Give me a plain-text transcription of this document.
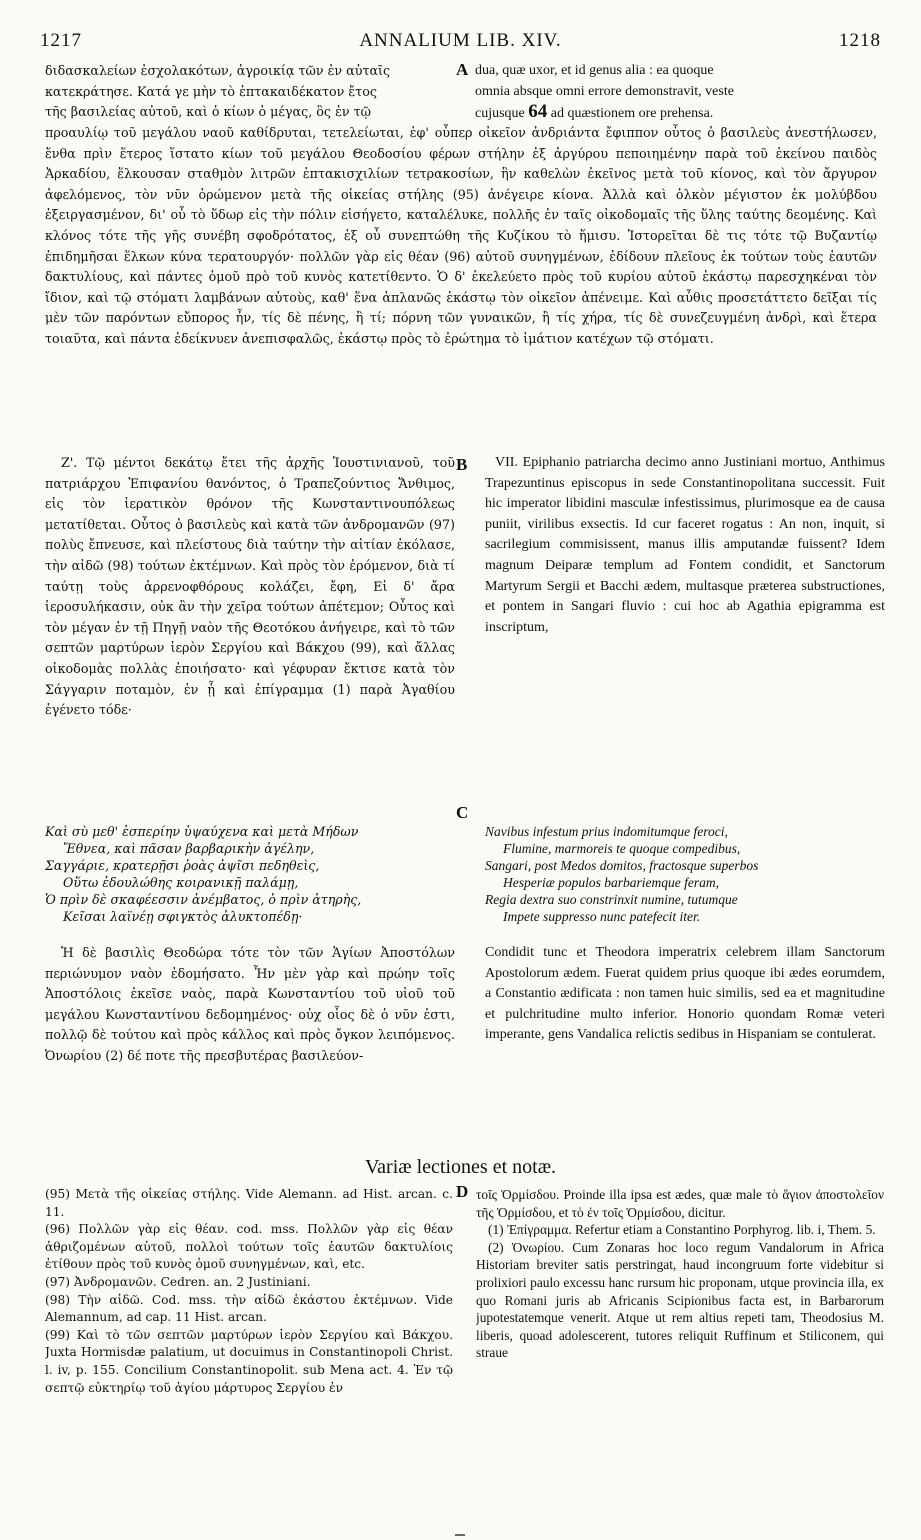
1217	ANNALIUM LIB. XIV.	1218

διδασκαλείων ἐσχολακότων, ἀγροικίᾳ τῶν ἐν αὐταῖς

κατεκράτησε. Κατά γε μὴν τὸ ἑπτακαιδέκατον ἔτος

τῆς βασιλείας αὐτοῦ, καὶ ὁ κίων ὁ μέγας, ὃς ἐν τῷ

A dua, quæ uxor, et id genus alia : ea quoque

omnia absque omni errore demonstravit, veste

cujusque 64 ad quæstionem ore prehensa.

προαυλίῳ τοῦ μεγάλου ναοῦ καθίδρυται, τετελείωται, ἐφ' οὗπερ οἰκεῖον ἀνδριάντα ἔφιππον οὗτος ὁ βασιλεὺς ἀνεστήλωσεν, ἔνθα πρὶν ἕτερος ἵστατο κίων τοῦ μεγάλου Θεοδοσίου φέρων στήλην ἐξ ἀργύρου πεποιημένην παρὰ τοῦ ἐκείνου παιδὸς Ἀρκαδίου, ἕλκουσαν σταθμὸν λιτρῶν ἑπτακισχιλίων τετρακοσίων, ἣν καθελὼν ἐκεῖνος μετὰ τοῦ κίονος, καὶ τὸν ἄργυρον ἀφελόμενος, τὸν νῦν ὁρώμενον μετὰ τῆς οἰκείας στήλης (95) ἀνέγειρε κίονα. Ἀλλὰ καὶ ὁλκὸν μέγιστον ἐκ μολύβδου ἐξειργασμένον, δι' οὗ τὸ ὕδωρ εἰς τὴν πόλιν εἰσήγετο, καταλέλυκε, πολλῆς ἐν ταῖς οἰκοδομαῖς τῆς ὕλης ταύτης δεομένης. Καὶ κλόνος τότε τῆς γῆς συνέβη σφοδρότατος, ἐξ οὗ συνεπτώθη τῆς Κυζίκου τὸ ἥμισυ. Ἱστορεῖται δὲ τις τότε τῷ Βυζαντίῳ ἐπιδημῆσαι ἕλκων κύνα τερατουργόν· πολλῶν γὰρ εἰς θέαν (96) αὐτοῦ συνηγμένων, ἐδίδουν πλεῖους ἐκ τούτων τοὺς ἑαυτῶν δακτυλίους, καὶ πάντες ὁμοῦ πρὸ τοῦ κυνὸς κατετίθεντο. Ὁ δ' ἐκελεύετο πρὸς τοῦ κυρίου αὐτοῦ ἑκάστῳ παρεσχηκέναι τὸν ἴδιον, καὶ τῷ στόματι λαμβάνων αὐτοὺς, καθ' ἕνα ἀπλανῶς ἑκάστῳ τὸν οἰκεῖον ἀπένειμε. Καὶ αὖθις προσετάττετο δεῖξαι τίς μὲν τῶν παρόντων εὔπορος ἦν, τίς δὲ πένης, ἢ τί; πόρνη τῶν γυναικῶν, ἢ τίς χήρα, τίς δὲ συνεζευγμένη ἀνδρὶ, καὶ ἕτερα τοιαῦτα, καὶ πάντα ἐδείκνυεν ἀνεπισφαλῶς, ἑκάστῳ πρὸς τὸ ἐρώτημα τὸ ἱμάτιον κατέχων τῷ στόματι.

Ζ'. Τῷ μέντοι δεκάτῳ ἔτει τῆς ἀρχῆς Ἰουστινιανοῦ, τοῦ πατριάρχου Ἐπιφανίου θανόντος, ὁ Τραπεζούντιος Ἄνθιμος, εἰς τὸν ἱερατικὸν θρόνον τῆς Κωνσταντινουπόλεως μετατίθεται. Οὗτος ὁ βασιλεὺς καὶ κατὰ τῶν ἀνδρομανῶν (97) πολὺς ἔπνευσε, καὶ πλείστους διὰ ταύτην τὴν αἰτίαν ἐκόλασε, τὴν αἰδῶ (98) τούτων ἐκτέμνων. Καὶ πρὸς τὸν ἐρόμενον, διὰ τί ταύτῃ τοὺς ἀρρενοφθόρους κολάζει, ἔφη, Εἰ δ' ἄρα ἱεροσυλήκασιν, οὐκ ἂν τὴν χεῖρα τούτων ἀπέτεμον; Οὗτος καὶ τὸν μέγαν ἐν τῇ Πηγῇ ναὸν τῆς Θεοτόκου ἀνήγειρε, καὶ τὸ τῶν σεπτῶν μαρτύρων ἱερὸν Σεργίου καὶ Βάκχου (99), καὶ ἄλλας οἰκοδομὰς πολλὰς ἐποιήσατο· καὶ γέφυραν ἔκτισε κατὰ τὸν Σάγγαριν ποταμὸν, ἐν ᾗ καὶ ἐπίγραμμα (1) παρὰ Ἀγαθίου ἐγένετο τόδε·

B	VII. Epiphanio patriarcha decimo anno Justiniani mortuo, Anthimus Trapezuntinus episcopus in sede Constantinopolitana successit. Fuit hic imperator libidini masculæ infestissimus, plurimosque ea de causa puniit, virilibus exsectis. Id cur faceret rogatus : An non, inquit, si sacrilegium commisissent, manus illis amputandæ fuissent? Idem magnum Deiparæ templum ad Fontem condidit, et Sanctorum Martyrum Sergii et Bacchi ædem, multasque præterea substructiones, et pontem in Sangari fluvio : cui hoc ab Agathia epigramma est inscriptum,

C

Καὶ σὺ μεθ' ἑσπερίην ὑψαύχενα καὶ μετὰ Μήδων

Ἔθνεα, καὶ πᾶσαν βαρβαρικὴν ἀγέλην,

Σαγγάριε, κρατερῇσι ῥοὰς ἁψῖσι πεδηθεὶς,

Οὕτω ἐδουλώθης κοιρανικῇ παλάμῃ,

Ὁ πρὶν δὲ σκαφέεσσιν ἀνέμβατος, ὁ πρὶν ἀτηρὴς,

Κεῖσαι λαϊνέῃ σφιγκτὸς ἀλυκτοπέδῃ·

Navibus infestum prius indomitumque feroci,

Flumine, marmoreis te quoque compedibus,

Sangari, post Medos domitos, fractosque superbos

Hesperiæ populos barbariemque feram,

Regia dextra suo constrinxit numine, tutumque

Impete suppresso nunc patefecit iter.

Ἡ δὲ βασιλὶς Θεοδώρα τότε τὸν τῶν Ἁγίων Ἀποστόλων περιώνυμον ναὸν ἐδομήσατο. Ἦν μὲν γὰρ καὶ πρώην τοῖς Ἀποστόλοις ἐκεῖσε ναὸς, παρὰ Κωνσταντίου τοῦ υἱοῦ τοῦ μεγάλου Κωνσταντίνου δεδομημένος· οὐχ οἷος δὲ ὁ νῦν ἐστι, πολλῷ δὲ τούτου καὶ πρὸς κάλλος καὶ πρὸς ὄγκον λειπόμενος. Ὀνωρίου (2) δέ ποτε τῆς πρεσβυτέρας βασιλεύον-

Condidit tunc et Theodora imperatrix celebrem illam Sanctorum Apostolorum ædem. Fuerat quidem prius quoque ibi ædes eorumdem, a Constantio ædificata : non tamen huic similis, sed ea et magnitudine et pulchritudine multo inferior. Honorio quondam Romæ veteri imperante, gens Vandalica relictis sedibus in Hispaniam se contulerat.

Variæ lectiones et notæ.
D

(95) Μετὰ τῆς οἰκείας στήλης. Vide Alemann. ad Hist. arcan. c. 11.

(96) Πολλῶν γὰρ εἰς θέαν. cod. mss. Πολλῶν γὰρ εἰς θέαν ἀθριζομένων αὐτοῦ, πολλοὶ τούτων τοῖς ἑαυτῶν δακτυλίοις ἐτίθουν πρὸς τοῦ κυνὸς ὁμοῦ συνηγμένων, καὶ, etc.

(97) Ἀνδρομανῶν. Cedren. an. 2 Justiniani.

(98) Τὴν αἰδῶ. Cod. mss. τὴν αἰδῶ ἑκάστου ἐκτέμνων. Vide Alemannum, ad cap. 11 Hist. arcan.

(99) Καὶ τὸ τῶν σεπτῶν μαρτύρων ἱερὸν Σεργίου καὶ Βάκχου. Juxta Hormisdæ palatium, ut docuimus in Constantinopoli Christ. l. iv, p. 155. Concilium Constantinopolit. sub Mena act. 4. Ἐν τῷ σεπτῷ εὐκτηρίῳ τοῦ ἁγίου μάρτυρος Σεργίου ἐν

τοῖς Ὁρμίσδου. Proinde illa ipsa est ædes, quæ male τὸ ἅγιον ἀποστολεῖον τῆς Ὁρμίσδου, et τὸ ἐν τοῖς Ὁρμίσδου, dicitur.

(1) Ἐπίγραμμα. Refertur etiam a Constantino Porphyrog. lib. i, Them. 5.

(2) Ὀνωρίου. Cum Zonaras hoc loco regum Vandalorum in Africa Historiam breviter satis perstringat, haud incongruum forte videbitur si prolixiori paulo excessu hanc rursum hic proponam, utque provincia illa, ex quo Romani juris ab Africanis Scipionibus facta est, in Barbarorum jupotestatemque venerit. Atque ut rem altius repeti tam, Theodosius M. liberis, quoad adolescerent, tutores reliquit Ruffinum et Stiliconem, qui straue
